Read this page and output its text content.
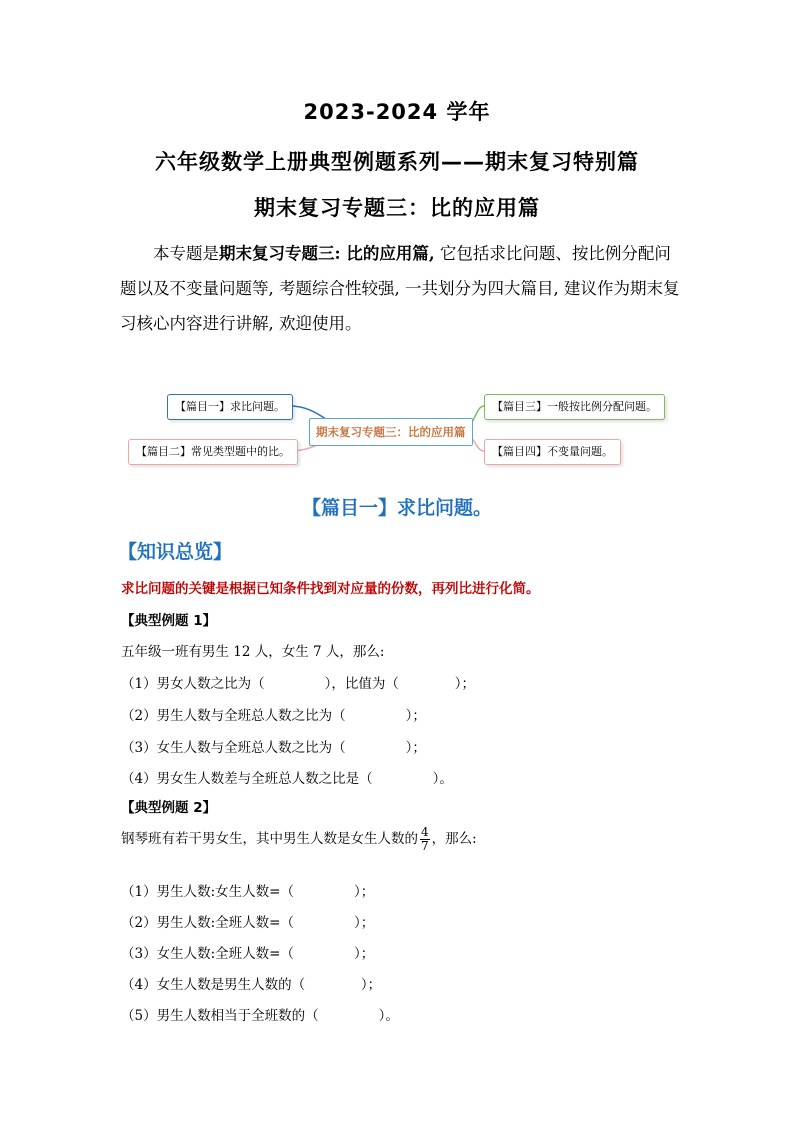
2023-2024 学年
六年级数学上册典型例题系列——期末复习特别篇
期末复习专题三：比的应用篇
本专题是期末复习专题三: 比的应用篇, 它包括求比问题、按比例分配问题以及不变量问题等, 考题综合性较强, 一共划分为四大篇目, 建议作为期末复习核心内容进行讲解, 欢迎使用。
【篇目一】求比问题。
【篇目二】常见类型题中的比。
期末复习专题三：比的应用篇
【篇目三】一般按比例分配问题。
【篇目四】不变量问题。
【篇目一】求比问题。
【知识总览】
求比问题的关键是根据已知条件找到对应量的份数，再列比进行化简。
【典型例题 1】
五年级一班有男生 12 人，女生 7 人，那么:
（1）男女人数之比为（              ），比值为（             ）；
（2）男生人数与全班总人数之比为（              ）；
（3）女生人数与全班总人数之比为（              ）；
（4）男女生人数差与全班总人数之比是（              ）。
【典型例题 2】
钢琴班有若干男女生，其中男生人数是女生人数的 $\frac{4}{7}$ ，那么:
（1）男生人数:女生人数=（              ）；
（2）男生人数:全班人数=（              ）；
（3）女生人数:全班人数=（              ）；
（4）女生人数是男生人数的（             ）；
（5）男生人数相当于全班数的（              ）。
